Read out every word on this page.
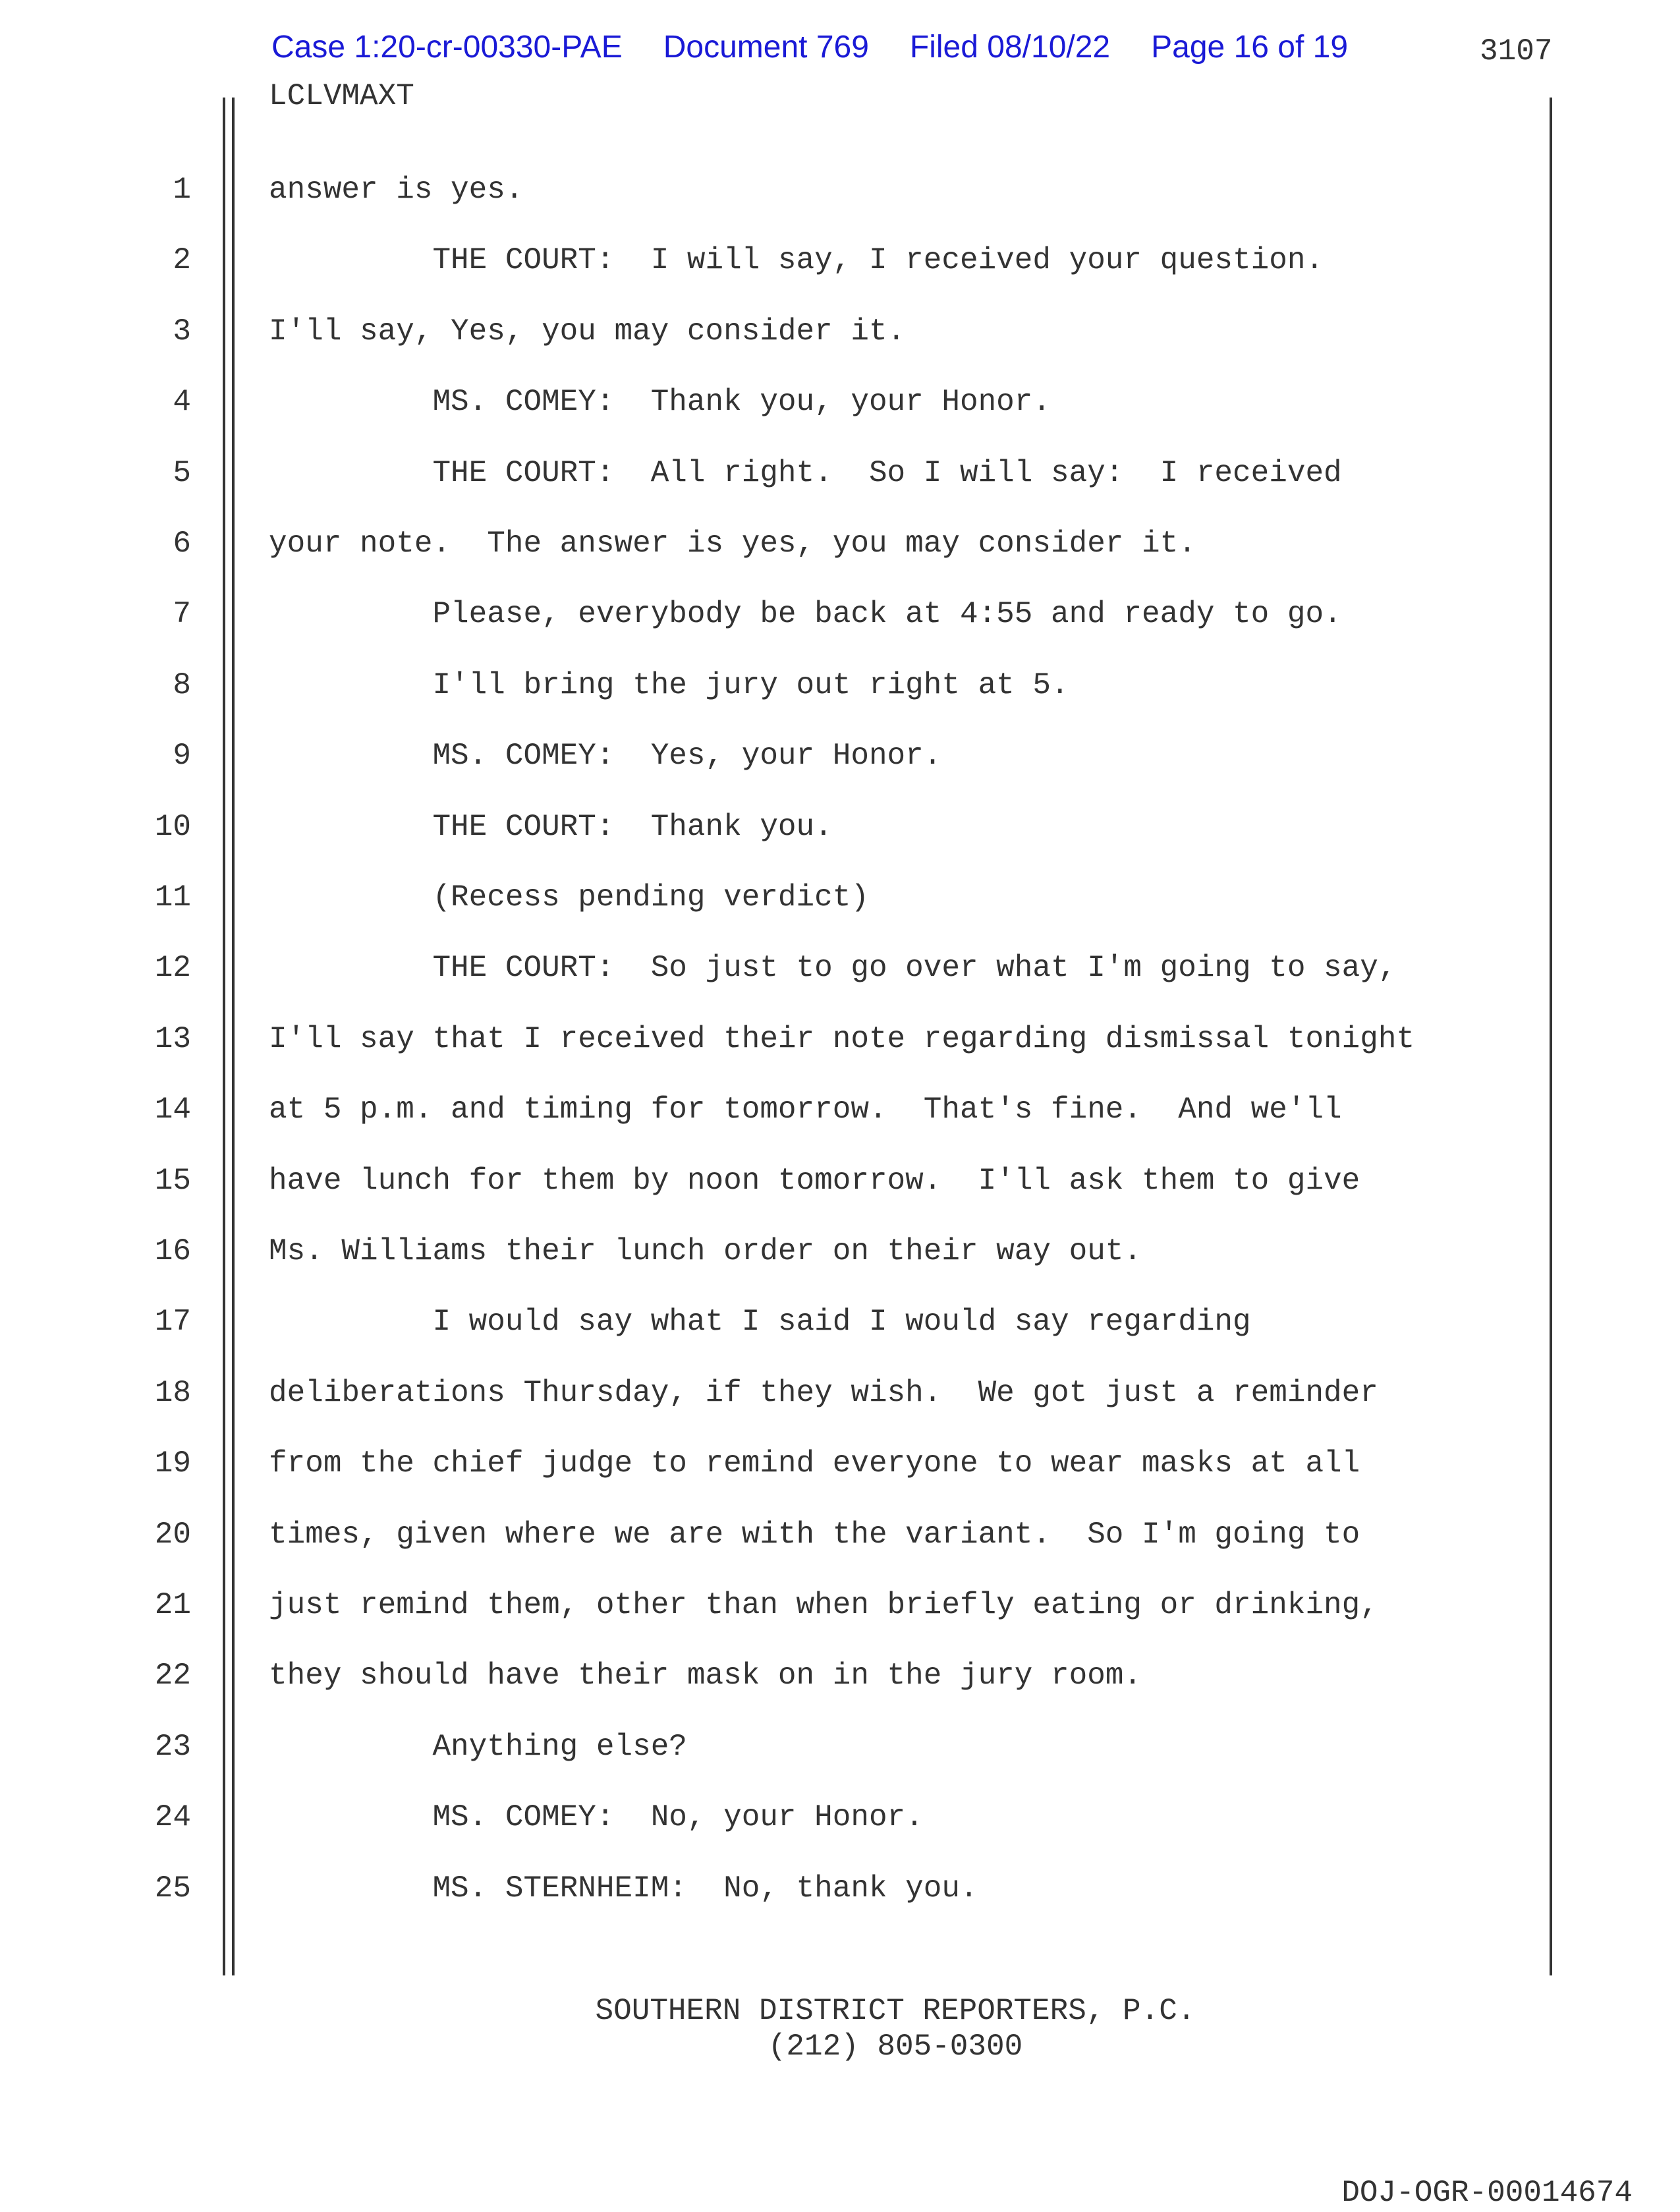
Case 1:20-cr-00330-PAE Document 769 Filed 08/10/22 Page 16 of 19	3107
LCLVMAXT
1	answer is yes.
2	THE COURT:  I will say, I received your question.
3	I'll say, Yes, you may consider it.
4	MS. COMEY:  Thank you, your Honor.
5	THE COURT:  All right.  So I will say:  I received
6	your note.  The answer is yes, you may consider it.
7	Please, everybody be back at 4:55 and ready to go.
8	I'll bring the jury out right at 5.
9	MS. COMEY:  Yes, your Honor.
10	THE COURT:  Thank you.
11	(Recess pending verdict)
12	THE COURT:  So just to go over what I'm going to say,
13	I'll say that I received their note regarding dismissal tonight
14	at 5 p.m. and timing for tomorrow.  That's fine.  And we'll
15	have lunch for them by noon tomorrow.  I'll ask them to give
16	Ms. Williams their lunch order on their way out.
17	I would say what I said I would say regarding
18	deliberations Thursday, if they wish.  We got just a reminder
19	from the chief judge to remind everyone to wear masks at all
20	times, given where we are with the variant.  So I'm going to
21	just remind them, other than when briefly eating or drinking,
22	they should have their mask on in the jury room.
23	Anything else?
24	MS. COMEY:  No, your Honor.
25	MS. STERNHEIM:  No, thank you.
SOUTHERN DISTRICT REPORTERS, P.C.
(212) 805-0300
DOJ-OGR-00014674
